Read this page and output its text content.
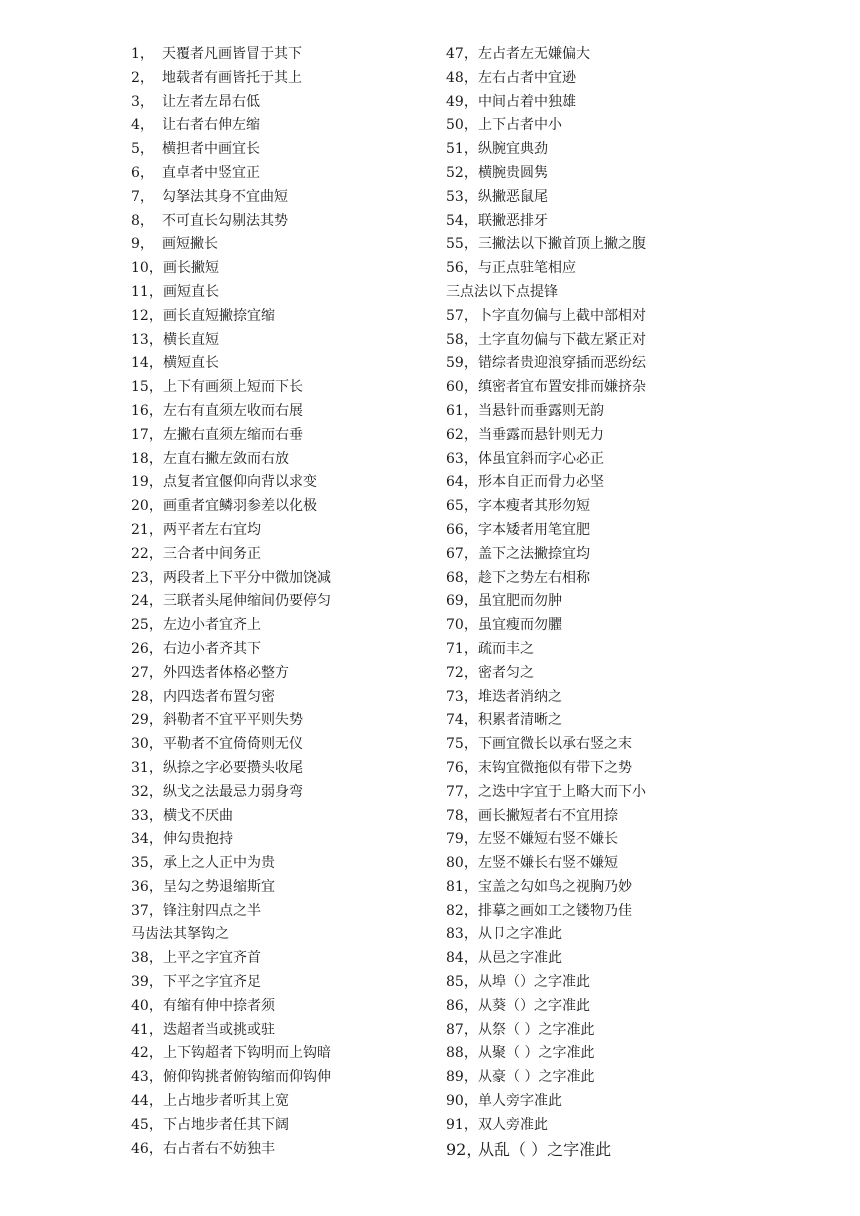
1， 天覆者凡画皆冒于其下
2， 地载者有画皆托于其上
3， 让左者左昂右低
4， 让右者右伸左缩
5， 横担者中画宜长
6， 直卓者中竖宜正
7， 勾拏法其身不宜曲短
8， 不可直长勾剔法其势
9， 画短撇长
10，画长撇短
11，画短直长
12，画长直短撇捺宜缩
13，横长直短
14，横短直长
15，上下有画须上短而下长
16，左右有直须左收而右展
17，左撇右直须左缩而右垂
18，左直右撇左敛而右放
19，点复者宜偃仰向背以求变
20，画重者宜鳞羽参差以化极
21，两平者左右宜均
22，三合者中间务正
23，两段者上下平分中微加饶减
24，三联者头尾伸缩间仍要停匀
25，左边小者宜齐上
26，右边小者齐其下
27，外四迭者体格必整方
28，内四迭者布置匀密
29，斜勒者不宜平平则失势
30，平勒者不宜倚倚则无仪
31，纵捺之字必要攒头收尾
32，纵戈之法最忌力弱身弯
33，横戈不厌曲
34，伸勾贵抱持
35，承上之人正中为贵
36，呈勾之势退缩斯宜
37，锋注射四点之半
马齿法其拏钩之
38，上平之字宜齐首
39，下平之字宜齐足
40，有缩有伸中捺者须
41，迭超者当或挑或驻
42，上下钩超者下钩明而上钩暗
43，俯仰钩挑者俯钩缩而仰钩伸
44，上占地步者听其上宽
45，下占地步者任其下阔
46，右占者右不妨独丰
47，左占者左无嫌偏大
48，左右占者中宜逊
49，中间占着中独雄
50，上下占者中小
51，纵腕宜典劲
52，横腕贵圆隽
53，纵撇恶鼠尾
54，联撇恶排牙
55，三撇法以下撇首顶上撇之腹
56，与正点驻笔相应
三点法以下点提锋
57，卜字直勿偏与上截中部相对
58，土字直勿偏与下截左紧正对
59，错综者贵迎浪穿插而恶纷纭
60，缜密者宜布置安排而嫌挤杂
61，当悬针而垂露则无韵
62，当垂露而悬针则无力
63，体虽宜斜而字心必正
64，形本自正而骨力必坚
65，字本瘦者其形勿短
66，字本矮者用笔宜肥
67，盖下之法撇捺宜均
68，趁下之势左右相称
69，虽宜肥而勿肿
70，虽宜瘦而勿臞
71，疏而丰之
72，密者匀之
73，堆迭者消纳之
74，积累者清晰之
75，下画宜微长以承右竖之末
76，末钩宜微拖似有带下之势
77，之迭中字宜于上略大而下小
78，画长撇短者右不宜用捺
79，左竖不嫌短右竖不嫌长
80，左竖不嫌长右竖不嫌短
81，宝盖之勾如鸟之视胸乃妙
82，排摹之画如工之镂物乃佳
83，从卩之字准此
84，从邑之字准此
85，从埠（）之字准此
86，从葵（）之字准此
87，从祭（ ）之字准此
88，从聚（ ）之字准此
89，从豪（ ）之字准此
90，单人旁字准此
91，双人旁准此
92，从乱（ ）之字准此
